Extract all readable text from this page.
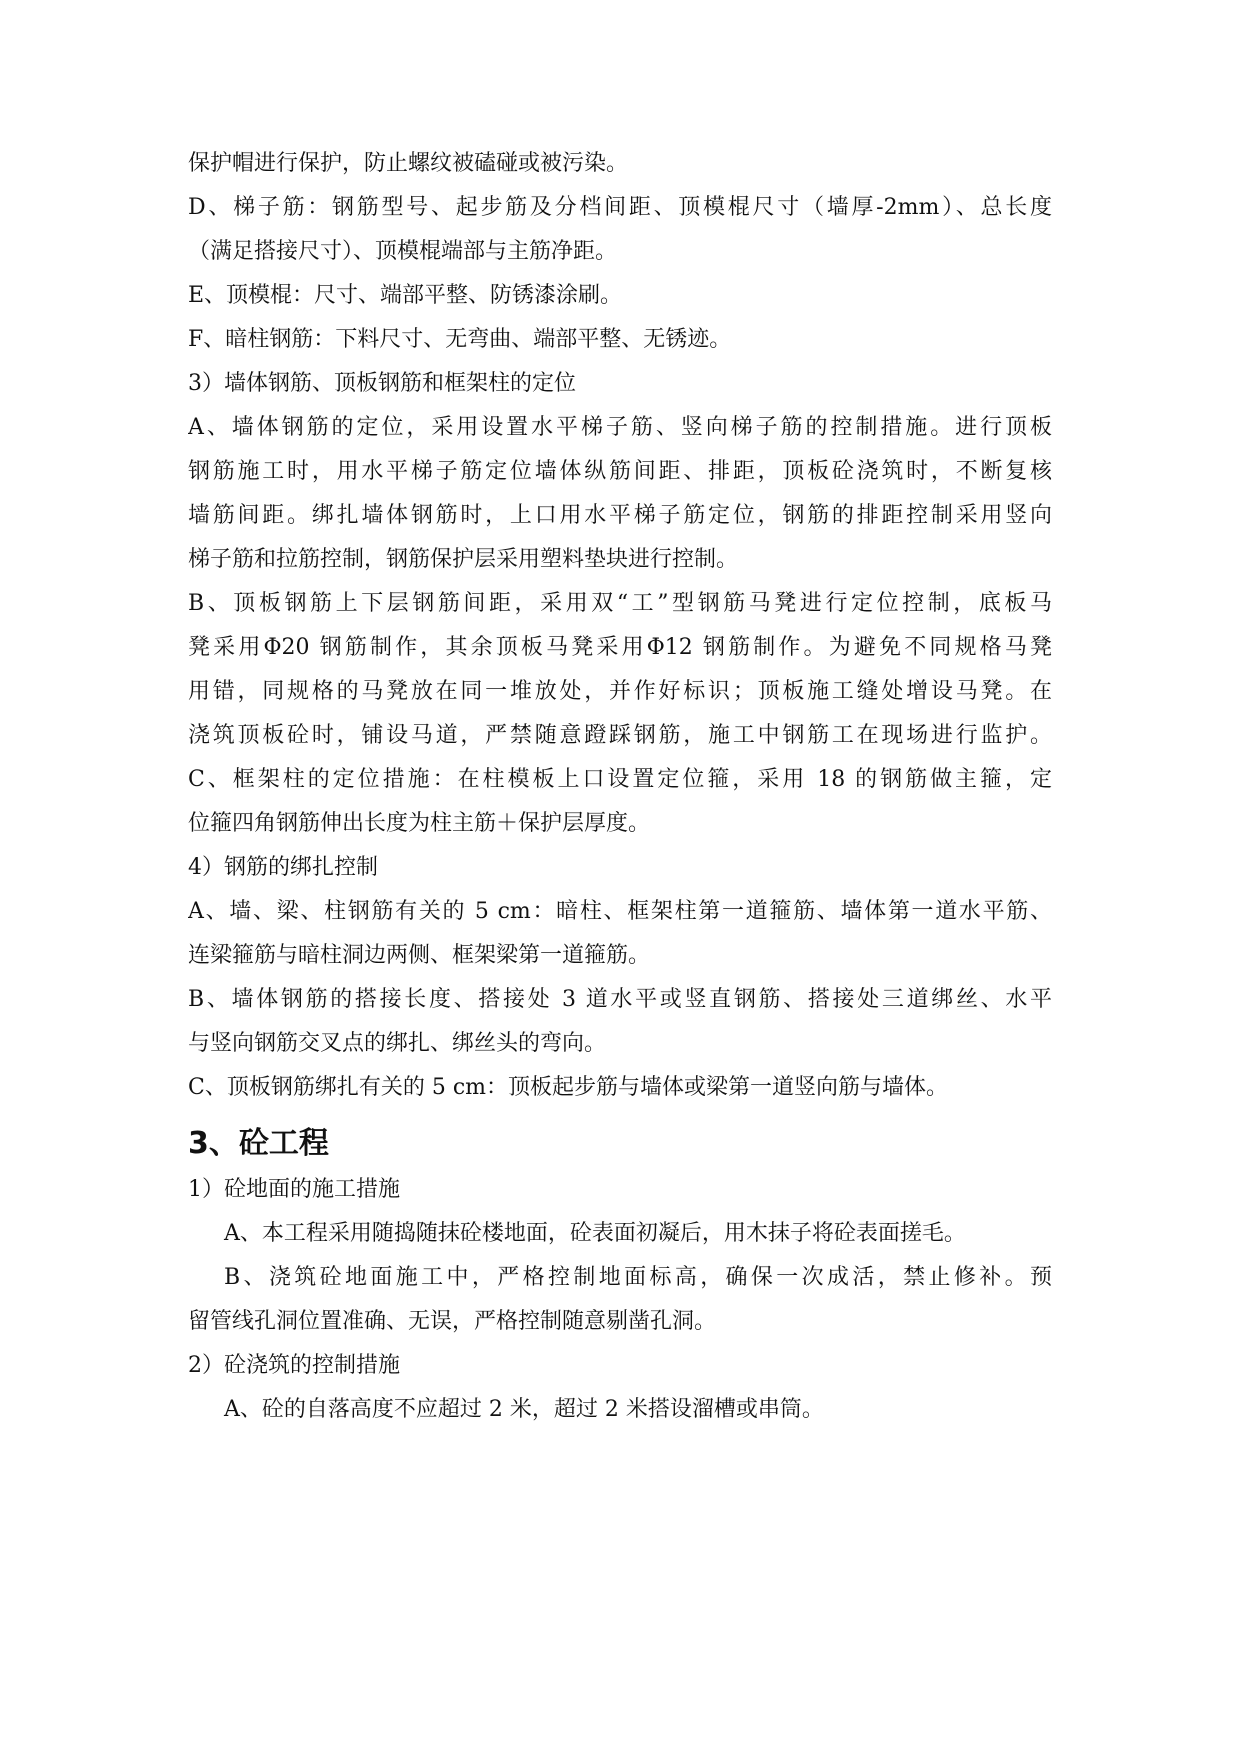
保护帽进行保护，防止螺纹被磕碰或被污染。

D、梯子筋：钢筋型号、起步筋及分档间距、顶模棍尺寸（墙厚-2mm）、总长度

（满足搭接尺寸）、顶模棍端部与主筋净距。

E、顶模棍：尺寸、端部平整、防锈漆涂刷。

F、暗柱钢筋：下料尺寸、无弯曲、端部平整、无锈迹。

3）墙体钢筋、顶板钢筋和框架柱的定位

A、墙体钢筋的定位，采用设置水平梯子筋、竖向梯子筋的控制措施。进行顶板

钢筋施工时，用水平梯子筋定位墙体纵筋间距、排距，顶板砼浇筑时，不断复核

墙筋间距。绑扎墙体钢筋时，上口用水平梯子筋定位，钢筋的排距控制采用竖向

梯子筋和拉筋控制，钢筋保护层采用塑料垫块进行控制。

B、顶板钢筋上下层钢筋间距，采用双“工”型钢筋马凳进行定位控制，底板马

凳采用Φ20 钢筋制作，其余顶板马凳采用Φ12 钢筋制作。为避免不同规格马凳

用错，同规格的马凳放在同一堆放处，并作好标识；顶板施工缝处增设马凳。在

浇筑顶板砼时，铺设马道，严禁随意蹬踩钢筋，施工中钢筋工在现场进行监护。

C、框架柱的定位措施：在柱模板上口设置定位箍，采用 18 的钢筋做主箍，定

位箍四角钢筋伸出长度为柱主筋＋保护层厚度。

4）钢筋的绑扎控制

A、墙、梁、柱钢筋有关的 5 cm：暗柱、框架柱第一道箍筋、墙体第一道水平筋、

连梁箍筋与暗柱洞边两侧、框架梁第一道箍筋。

B、墙体钢筋的搭接长度、搭接处 3 道水平或竖直钢筋、搭接处三道绑丝、水平

与竖向钢筋交叉点的绑扎、绑丝头的弯向。

C、顶板钢筋绑扎有关的 5 cm：顶板起步筋与墙体或梁第一道竖向筋与墙体。

3、砼工程

1）砼地面的施工措施

A、本工程采用随捣随抹砼楼地面，砼表面初凝后，用木抹子将砼表面搓毛。

B、浇筑砼地面施工中，严格控制地面标高，确保一次成活，禁止修补。预

留管线孔洞位置准确、无误，严格控制随意剔凿孔洞。

2）砼浇筑的控制措施

A、砼的自落高度不应超过 2 米，超过 2 米搭设溜槽或串筒。
